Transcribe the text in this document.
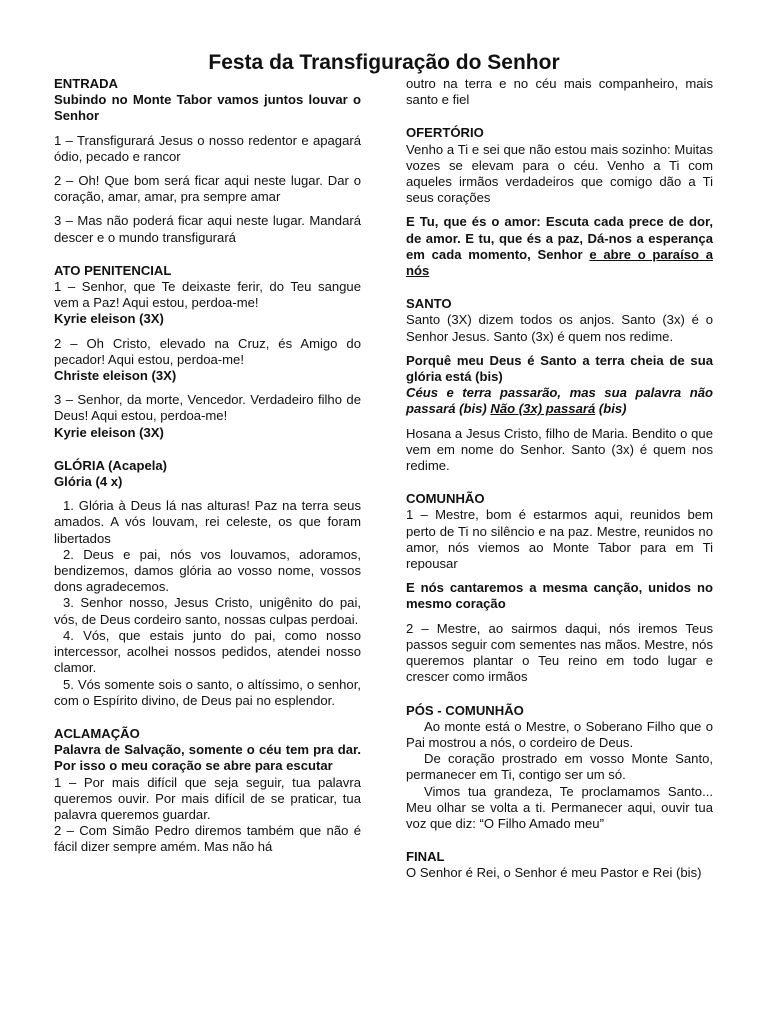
Festa da Transfiguração do Senhor

ENTRADA

Subindo no Monte Tabor vamos juntos louvar o Senhor

1 – Transfigurará Jesus o nosso redentor e apagará ódio, pecado e rancor

2 – Oh! Que bom será ficar aqui neste lugar. Dar o coração, amar, amar, pra sempre amar

3 – Mas não poderá ficar aqui neste lugar. Mandará descer e o mundo transfigurará

ATO PENITENCIAL

1 – Senhor, que Te deixaste ferir, do Teu sangue vem a Paz! Aqui estou, perdoa-me!

Kyrie eleison (3X)

2 – Oh Cristo, elevado na Cruz, és Amigo do pecador! Aqui estou, perdoa-me!

Christe eleison (3X)

3 – Senhor, da morte, Vencedor. Verdadeiro filho de Deus! Aqui estou, perdoa-me!

Kyrie eleison (3X)

GLÓRIA (Acapela)

Glória (4 x)

1. Glória à Deus lá nas alturas! Paz na terra seus amados. A vós louvam, rei celeste, os que foram libertados

2. Deus e pai, nós vos louvamos, adoramos, bendizemos, damos glória ao vosso nome, vossos dons agradecemos.

3. Senhor nosso, Jesus Cristo, unigênito do pai, vós, de Deus cordeiro santo, nossas culpas perdoai.

4. Vós, que estais junto do pai, como nosso intercessor, acolhei nossos pedidos, atendei nosso clamor.

5. Vós somente sois o santo, o altíssimo, o senhor, com o Espírito divino, de Deus pai no esplendor.

ACLAMAÇÃO

Palavra de Salvação, somente o céu tem pra dar. Por isso o meu coração se abre para escutar

1 – Por mais difícil que seja seguir, tua palavra queremos ouvir. Por mais difícil de se praticar, tua palavra queremos guardar.

2 – Com Simão Pedro diremos também que não é fácil dizer sempre amém. Mas não há

outro na terra e no céu mais companheiro, mais santo e fiel

OFERTÓRIO

Venho a Ti e sei que não estou mais sozinho: Muitas vozes se elevam para o céu. Venho a Ti com aqueles irmãos verdadeiros que comigo dão a Ti seus corações

E Tu, que és o amor: Escuta cada prece de dor, de amor. E tu, que és a paz, Dá-nos a esperança em cada momento, Senhor e abre o paraíso a nós

SANTO

Santo (3X) dizem todos os anjos. Santo (3x) é o Senhor Jesus. Santo (3x) é quem nos redime.

Porquê meu Deus é Santo a terra cheia de sua glória está (bis)

Céus e terra passarão, mas sua palavra não passará (bis) Não (3x) passará (bis)

Hosana a Jesus Cristo, filho de Maria. Bendito o que vem em nome do Senhor. Santo (3x) é quem nos redime.

COMUNHÃO

1 – Mestre, bom é estarmos aqui, reunidos bem perto de Ti no silêncio e na paz. Mestre, reunidos no amor, nós viemos ao Monte Tabor para em Ti repousar

E nós cantaremos a mesma canção, unidos no mesmo coração

2 – Mestre, ao sairmos daqui, nós iremos Teus passos seguir com sementes nas mãos. Mestre, nós queremos plantar o Teu reino em todo lugar e crescer como irmãos

PÓS - COMUNHÃO

Ao monte está o Mestre, o Soberano Filho que o Pai mostrou a nós, o cordeiro de Deus.

De coração prostrado em vosso Monte Santo, permanecer em Ti, contigo ser um só.

Vimos tua grandeza, Te proclamamos Santo... Meu olhar se volta a ti. Permanecer aqui, ouvir tua voz que diz: “O Filho Amado meu”

FINAL

O Senhor é Rei, o Senhor é meu Pastor e Rei (bis)
